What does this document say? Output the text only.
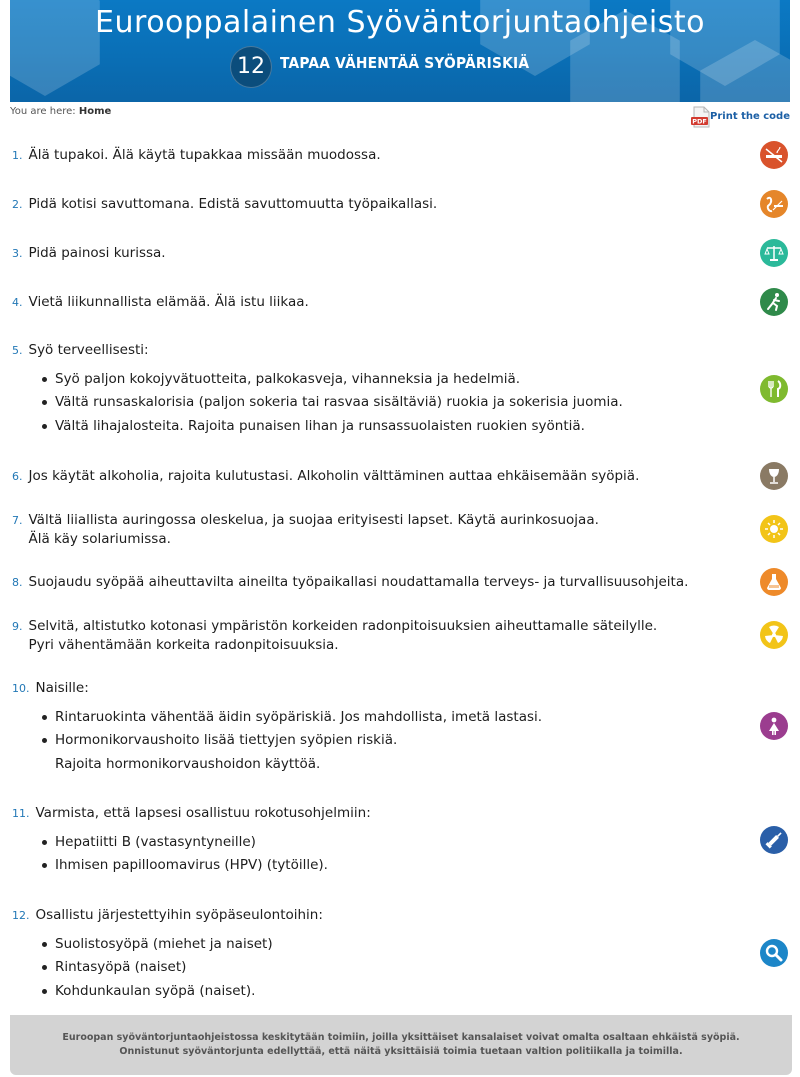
Eurooppalainen Syöväntorjuntaohjeisto
12	TAPAA VÄHENTÄÄ SYÖPÄRISKIÄ
You are here: Home
PDF Print the code
1. Älä tupakoi. Älä käytä tupakkaa missään muodossa.
2. Pidä kotisi savuttomana. Edistä savuttomuutta työpaikallasi.
3. Pidä painosi kurissa.
4. Vietä liikunnallista elämää. Älä istu liikaa.
5. Syö terveellisesti:
Syö paljon kokojyvätuotteita, palkokasveja, vihanneksia ja hedelmiä.
Vältä runsaskalorisia (paljon sokeria tai rasvaa sisältäviä) ruokia ja sokerisia juomia.
Vältä lihajalosteita. Rajoita punaisen lihan ja runsassuolaisten ruokien syöntiä.
6. Jos käytät alkoholia, rajoita kulutustasi. Alkoholin välttäminen auttaa ehkäisemään syöpiä.
7. Vältä liiallista auringossa oleskelua, ja suojaa erityisesti lapset. Käytä aurinkosuojaa.
Älä käy solariumissa.
8. Suojaudu syöpää aiheuttavilta aineilta työpaikallasi noudattamalla terveys- ja turvallisuusohjeita.
9. Selvitä, altistutko kotonasi ympäristön korkeiden radonpitoisuuksien aiheuttamalle säteilylle.
Pyri vähentämään korkeita radonpitoisuuksia.
10. Naisille:
Rintaruokinta vähentää äidin syöpäriskiä. Jos mahdollista, imetä lastasi.
Hormonikorvaushoito lisää tiettyjen syöpien riskiä.
Rajoita hormonikorvaushoidon käyttöä.
11. Varmista, että lapsesi osallistuu rokotusohjelmiin:
Hepatiitti B (vastasyntyneille)
Ihmisen papilloomavirus (HPV) (tytöille).
12. Osallistu järjestettyihin syöpäseulontoihin:
Suolistosyöpä (miehet ja naiset)
Rintasyöpä (naiset)
Kohdunkaulan syöpä (naiset).
Euroopan syöväntorjuntaohjeistossa keskitytään toimiin, joilla yksittäiset kansalaiset voivat omalta osaltaan ehkäistä syöpiä.
Onnistunut syöväntorjunta edellyttää, että näitä yksittäisiä toimia tuetaan valtion politiikalla ja toimilla.
